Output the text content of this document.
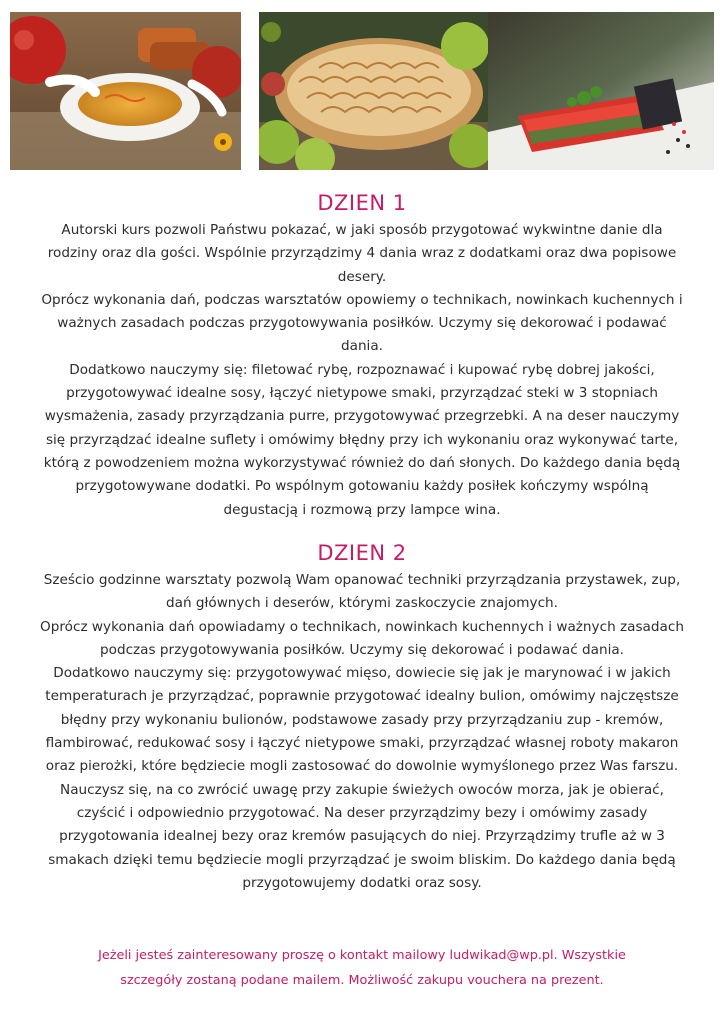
DZIEN 1

Autorski kurs pozwoli Państwu pokazać, w jaki sposób przygotować wykwintne danie dla rodziny oraz dla gości. Wspólnie przyrządzimy 4 dania wraz z dodatkami oraz dwa popisowe desery.

Oprócz wykonania dań, podczas warsztatów opowiemy o technikach, nowinkach kuchennych i ważnych zasadach podczas przygotowywania posiłków. Uczymy się dekorować i podawać dania.

Dodatkowo nauczymy się: filetować rybę, rozpoznawać i kupować rybę dobrej jakości, przygotowywać idealne sosy, łączyć nietypowe smaki, przyrządzać steki w 3 stopniach wysmażenia, zasady przyrządzania purre, przygotowywać przegrzebki. A na deser nauczymy się przyrządzać idealne suflety i omówimy błędny przy ich wykonaniu oraz wykonywać tarte, którą z powodzeniem można wykorzystywać również do dań słonych. Do każdego dania będą przygotowywane dodatki. Po wspólnym gotowaniu każdy posiłek kończymy wspólną degustacją i rozmową przy lampce wina.

DZIEN 2

Sześcio godzinne warsztaty pozwolą Wam opanować techniki przyrządzania przystawek, zup, dań głównych i deserów, którymi zaskoczycie znajomych.

Oprócz wykonania dań opowiadamy o technikach, nowinkach kuchennych i ważnych zasadach podczas przygotowywania posiłków. Uczymy się dekorować i podawać dania.

Dodatkowo nauczymy się: przygotowywać mięso, dowiecie się jak je marynować i w jakich temperaturach je przyrządzać, poprawnie przygotować idealny bulion, omówimy najczęstsze błędny przy wykonaniu bulionów, podstawowe zasady przy przyrządzaniu zup - kremów, flambirować, redukować sosy i łączyć nietypowe smaki, przyrządzać własnej roboty makaron oraz pierożki, które będziecie mogli zastosować do dowolnie wymyślonego przez Was farszu. Nauczysz się, na co zwrócić uwagę przy zakupie świeżych owoców morza, jak je obierać, czyścić i odpowiednio przygotować. Na deser przyrządzimy bezy i omówimy zasady przygotowania idealnej bezy oraz kremów pasujących do niej. Przyrządzimy trufle aż w 3 smakach dzięki temu będziecie mogli przyrządzać je swoim bliskim. Do każdego dania będą przygotowujemy dodatki oraz sosy.

Jeżeli jesteś zainteresowany proszę o kontakt mailowy ludwikad@wp.pl. Wszystkie

szczegóły zostaną podane mailem. Możliwość zakupu vouchera na prezent.
